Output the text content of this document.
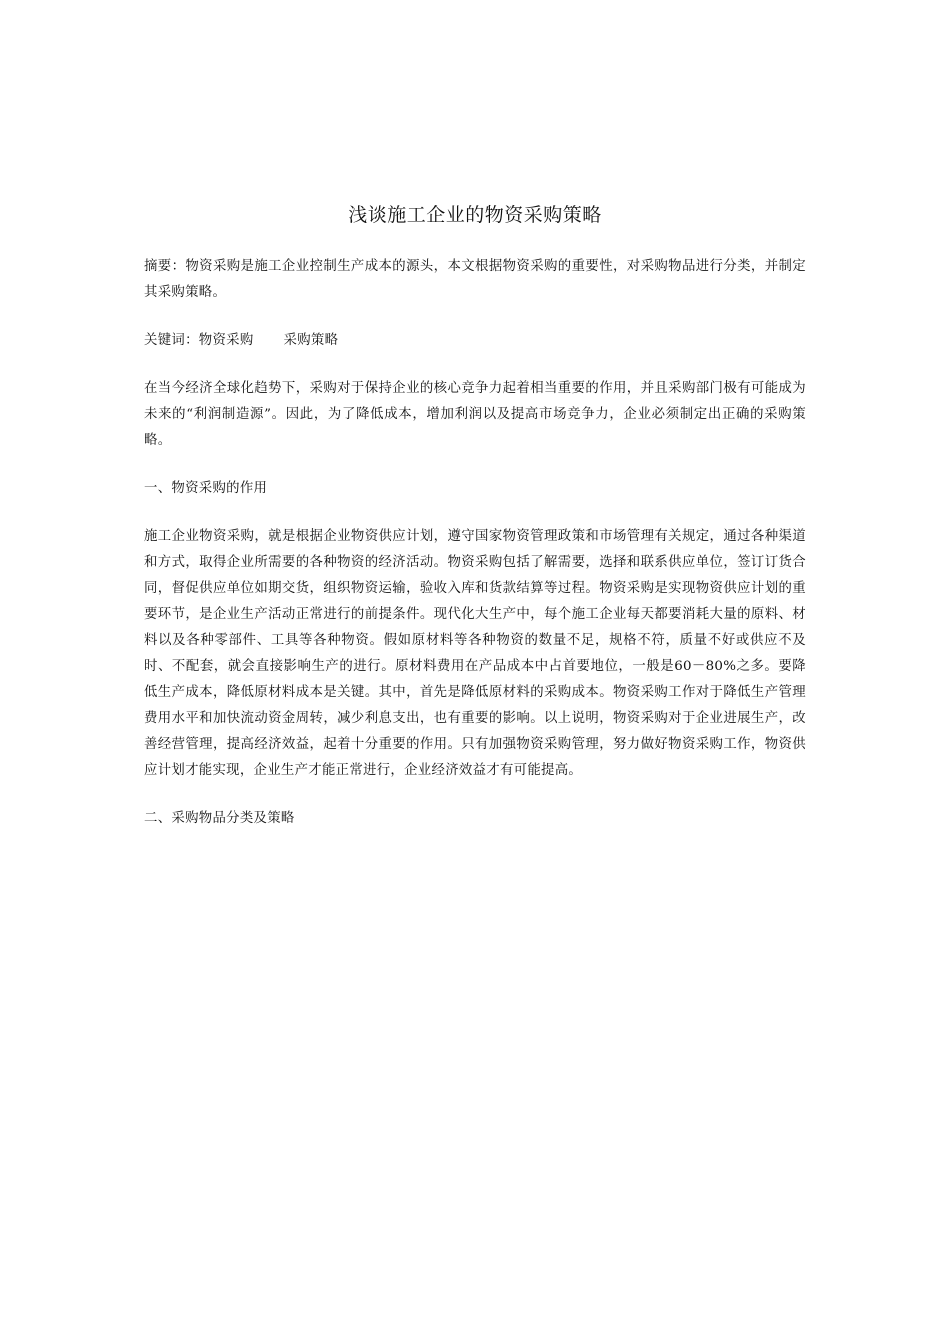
浅谈施工企业的物资采购策略

摘要：物资采购是施工企业控制生产成本的源头，本文根据物资采购的重要性，对采购物品进行分类，并制定其采购策略。

关键词：物资采购 采购策略

在当今经济全球化趋势下，采购对于保持企业的核心竞争力起着相当重要的作用，并且采购部门极有可能成为未来的“利润制造源”。因此，为了降低成本，增加利润以及提高市场竞争力，企业必须制定出正确的采购策略。

一、物资采购的作用

施工企业物资采购，就是根据企业物资供应计划，遵守国家物资管理政策和市场管理有关规定，通过各种渠道和方式，取得企业所需要的各种物资的经济活动。物资采购包括了解需要，选择和联系供应单位，签订订货合同，督促供应单位如期交货，组织物资运输，验收入库和货款结算等过程。物资采购是实现物资供应计划的重要环节，是企业生产活动正常进行的前提条件。现代化大生产中，每个施工企业每天都要消耗大量的原料、材料以及各种零部件、工具等各种物资。假如原材料等各种物资的数量不足，规格不符，质量不好或供应不及时、不配套，就会直接影响生产的进行。原材料费用在产品成本中占首要地位，一般是60－80%之多。要降低生产成本，降低原材料成本是关键。其中，首先是降低原材料的采购成本。物资采购工作对于降低生产管理费用水平和加快流动资金周转，减少利息支出，也有重要的影响。以上说明，物资采购对于企业进展生产，改善经营管理，提高经济效益，起着十分重要的作用。只有加强物资采购管理，努力做好物资采购工作，物资供应计划才能实现，企业生产才能正常进行，企业经济效益才有可能提高。

二、采购物品分类及策略
